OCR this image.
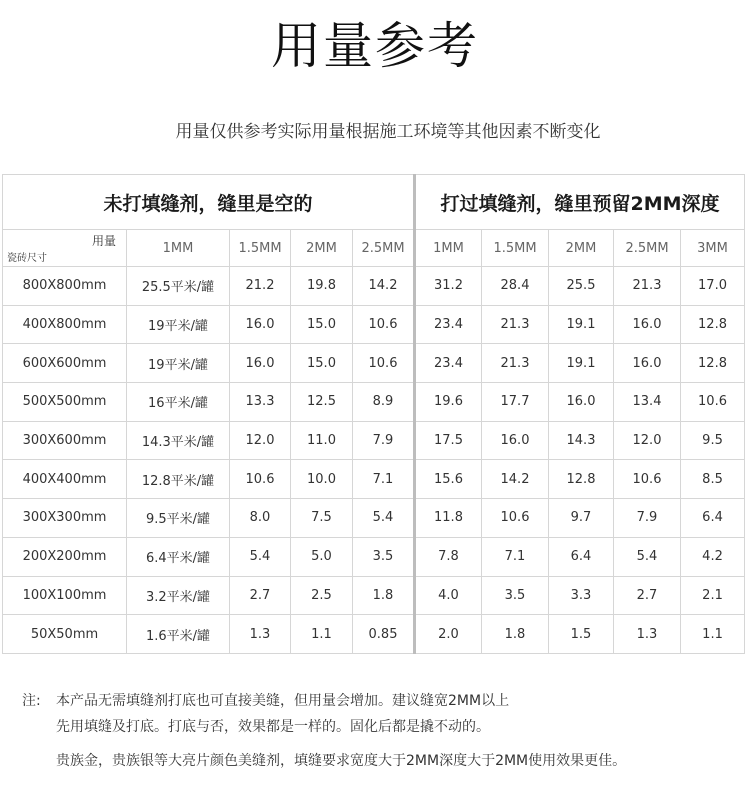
用量参考
用量仅供参考实际用量根据施工环境等其他因素不断变化
未打填缝剂，缝里是空的					打过填缝剂，缝里预留2MM深度				

用量
瓷砖尺寸	1MM	1.5MM	2MM	2.5MM	1MM	1.5MM	2MM	2.5MM	3MM
800X800mm	25.5平米/罐	21.2	19.8	14.2	31.2	28.4	25.5	21.3	17.0
400X800mm	19平米/罐	16.0	15.0	10.6	23.4	21.3	19.1	16.0	12.8
600X600mm	19平米/罐	16.0	15.0	10.6	23.4	21.3	19.1	16.0	12.8
500X500mm	16平米/罐	13.3	12.5	8.9	19.6	17.7	16.0	13.4	10.6
300X600mm	14.3平米/罐	12.0	11.0	7.9	17.5	16.0	14.3	12.0	9.5
400X400mm	12.8平米/罐	10.6	10.0	7.1	15.6	14.2	12.8	10.6	8.5
300X300mm	9.5平米/罐	8.0	7.5	5.4	11.8	10.6	9.7	7.9	6.4
200X200mm	6.4平米/罐	5.4	5.0	3.5	7.8	7.1	6.4	5.4	4.2
100X100mm	3.2平米/罐	2.7	2.5	1.8	4.0	3.5	3.3	2.7	2.1
50X50mm	1.6平米/罐	1.3	1.1	0.85	2.0	1.8	1.5	1.3	1.1
注: 本产品无需填缝剂打底也可直接美缝，但用量会增加。建议缝宽2MM以上
先用填缝及打底。打底与否，效果都是一样的。固化后都是撬不动的。
贵族金，贵族银等大亮片颜色美缝剂，填缝要求宽度大于2MM深度大于2MM使用效果更佳。
